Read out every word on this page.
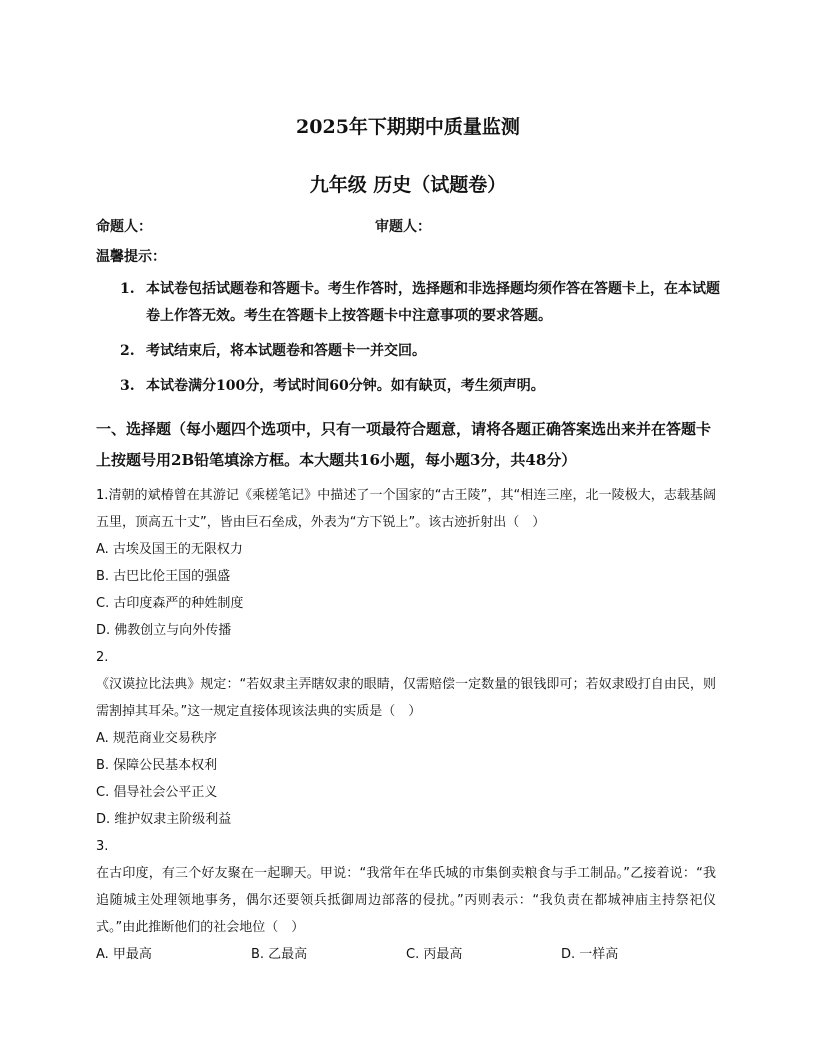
2025年下期期中质量监测
九年级 历史（试题卷）
命题人：	审题人：
温馨提示：
1. 本试卷包括试题卷和答题卡。考生作答时，选择题和非选择题均须作答在答题卡上，在本试题卷上作答无效。考生在答题卡上按答题卡中注意事项的要求答题。
2. 考试结束后，将本试题卷和答题卡一并交回。
3. 本试卷满分100分，考试时间60分钟。如有缺页，考生须声明。
一、选择题（每小题四个选项中，只有一项最符合题意，请将各题正确答案选出来并在答题卡上按题号用2B铅笔填涂方框。本大题共16小题，每小题3分，共48分）
1.清朝的斌椿曾在其游记《乘槎笔记》中描述了一个国家的“古王陵”，其“相连三座，北一陵极大，志载基阔五里，顶高五十丈”，皆由巨石垒成，外表为“方下锐上”。该古迹折射出（　）
A. 古埃及国王的无限权力
B. 古巴比伦王国的强盛
C. 古印度森严的种姓制度
D. 佛教创立与向外传播
2.
《汉谟拉比法典》规定：“若奴隶主弄瞎奴隶的眼睛，仅需赔偿一定数量的银钱即可；若奴隶殴打自由民，则需割掉其耳朵。”这一规定直接体现该法典的实质是（　）
A. 规范商业交易秩序
B. 保障公民基本权利
C. 倡导社会公平正义
D. 维护奴隶主阶级利益
3.
在古印度，有三个好友聚在一起聊天。甲说：“我常年在华氏城的市集倒卖粮食与手工制品。”乙接着说：“我追随城主处理领地事务，偶尔还要领兵抵御周边部落的侵扰。”丙则表示：“我负责在都城神庙主持祭祀仪式。”由此推断他们的社会地位（　）
A. 甲最高	B. 乙最高	C. 丙最高	D. 一样高
